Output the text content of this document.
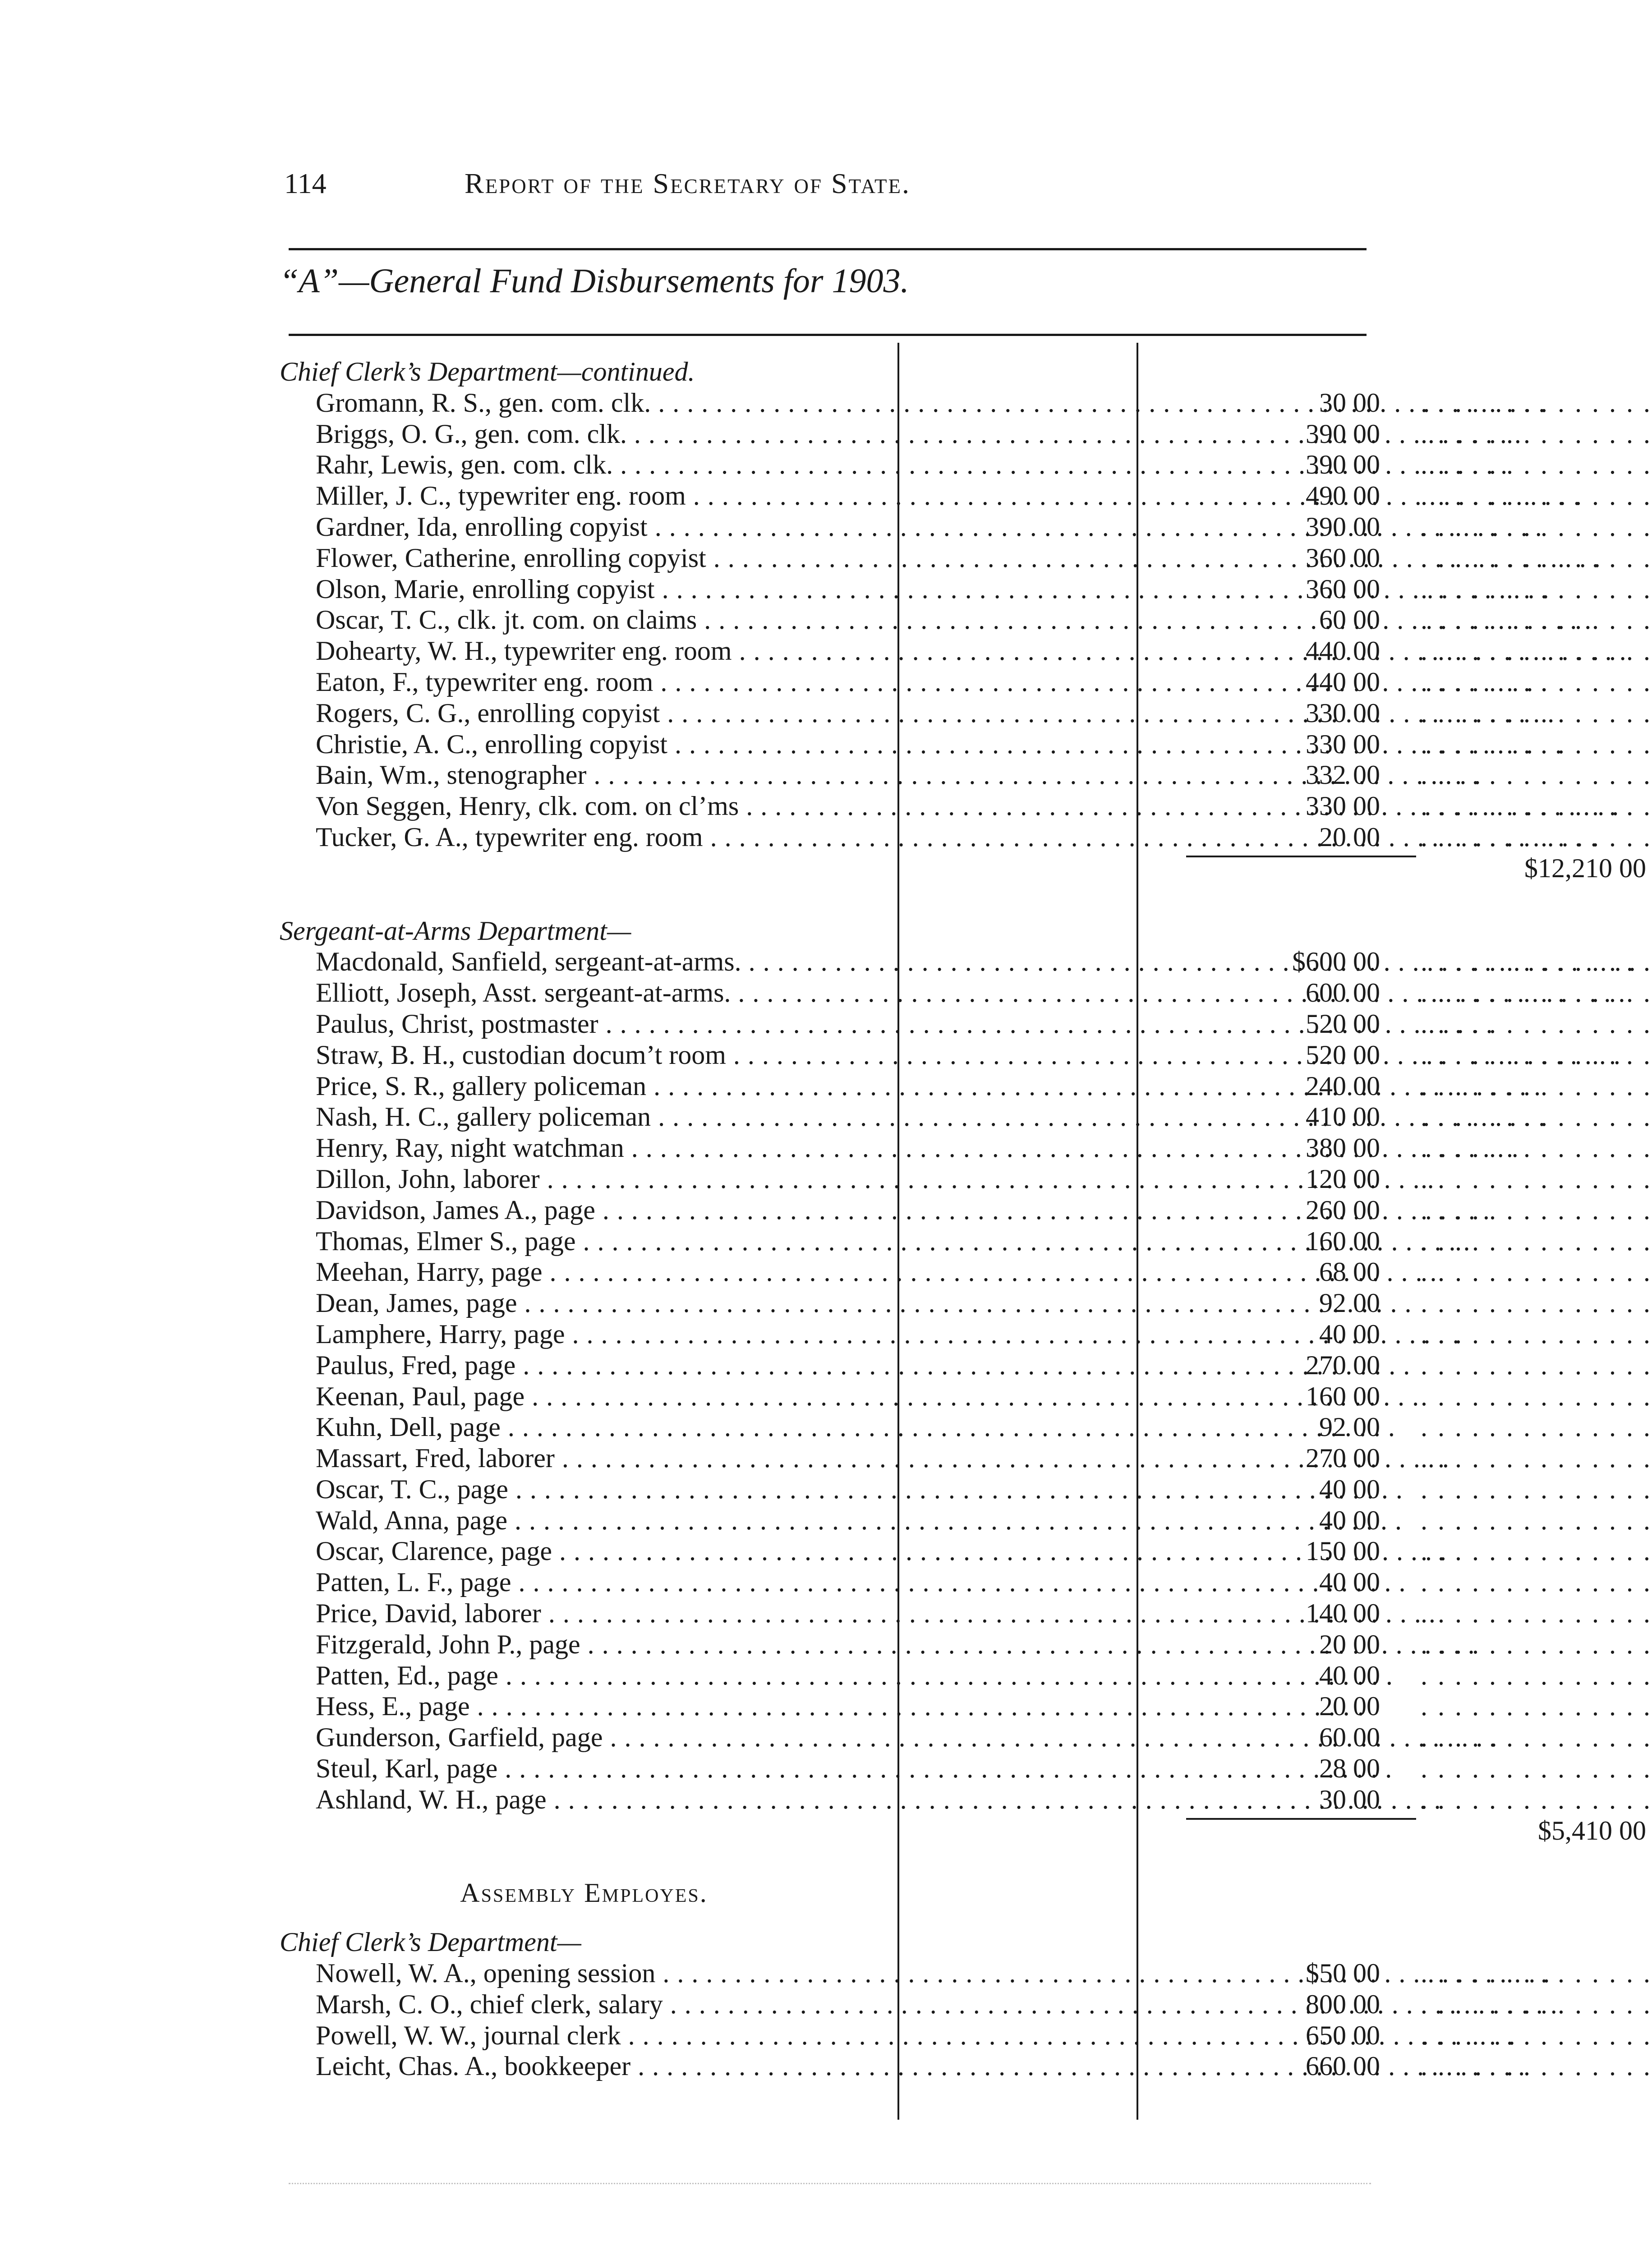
114	Report of the Secretary of State.
“A”—General Fund Disbursements for 1903.
Chief Clerk’s Department—continued.
Gromann, R. S., gen. com. clk. . . .	30 00 . . . . . . . . . . . . . .
Briggs, O. G., gen. com. clk. . . .	390 00 . . . . . . . . . . . . . .
Rahr, Lewis, gen. com. clk. . . .	390 00 . . . . . . . . . . . . . .
Miller, J. C., typewriter eng. room . . .	490 00 . . . . . . . . . . . . . .
Gardner, Ida, enrolling copyist . . .	390 00 . . . . . . . . . . . . . .
Flower, Catherine, enrolling copyist . . .	360 00 . . . . . . . . . . . . . .
Olson, Marie, enrolling copyist . . .	360 00 . . . . . . . . . . . . . .
Oscar, T. C., clk. jt. com. on claims . . .	60 00 . . . . . . . . . . . . . .
Dohearty, W. H., typewriter eng. room . . .	440 00 . . . . . . . . . . . . . .
Eaton, F., typewriter eng. room . . .	440 00 . . . . . . . . . . . . . .
Rogers, C. G., enrolling copyist . . .	330 00 . . . . . . . . . . . . . .
Christie, A. C., enrolling copyist . . .	330 00 . . . . . . . . . . . . . .
Bain, Wm., stenographer . . .	332 00 . . . . . . . . . . . . . .
Von Seggen, Henry, clk. com. on cl’ms . . .	330 00 . . . . . . . . . . . . . .
Tucker, G. A., typewriter eng. room . . .	20 00 . . . . . . . . . . . . . .
$12,210 00
Sergeant-at-Arms Department—
Macdonald, Sanfield, sergeant-at-arms. . . .	$600 00 . . . . . . . . . . . . . .
Elliott, Joseph, Asst. sergeant-at-arms. . . .	600 00 . . . . . . . . . . . . . .
Paulus, Christ, postmaster . . .	520 00 . . . . . . . . . . . . . .
Straw, B. H., custodian docum’t room . . .	520 00 . . . . . . . . . . . . . .
Price, S. R., gallery policeman . . .	240 00 . . . . . . . . . . . . . .
Nash, H. C., gallery policeman . . .	410 00 . . . . . . . . . . . . . .
Henry, Ray, night watchman . . .	380 00 . . . . . . . . . . . . . .
Dillon, John, laborer . . .	120 00 . . . . . . . . . . . . . .
Davidson, James A., page . . .	260 00 . . . . . . . . . . . . . .
Thomas, Elmer S., page . . .	160 00 . . . . . . . . . . . . . .
Meehan, Harry, page . . .	68 00 . . . . . . . . . . . . . .
Dean, James, page . . .	92 00 . . . . . . . . . . . . . .
Lamphere, Harry, page . . .	40 00 . . . . . . . . . . . . . .
Paulus, Fred, page . . .	270 00 . . . . . . . . . . . . . .
Keenan, Paul, page . . .	160 00 . . . . . . . . . . . . . .
Kuhn, Dell, page . . .	92 00 . . . . . . . . . . . . . .
Massart, Fred, laborer . . .	270 00 . . . . . . . . . . . . . .
Oscar, T. C., page . . .	40 00 . . . . . . . . . . . . . .
Wald, Anna, page . . .	40 00 . . . . . . . . . . . . . .
Oscar, Clarence, page . . .	150 00 . . . . . . . . . . . . . .
Patten, L. F., page . . .	40 00 . . . . . . . . . . . . . .
Price, David, laborer . . .	140 00 . . . . . . . . . . . . . .
Fitzgerald, John P., page . . .	20 00 . . . . . . . . . . . . . .
Patten, Ed., page . . .	40 00 . . . . . . . . . . . . . .
Hess, E., page . . .	20 00 . . . . . . . . . . . . . .
Gunderson, Garfield, page . . .	60 00 . . . . . . . . . . . . . .
Steul, Karl, page . . .	28 00 . . . . . . . . . . . . . .
Ashland, W. H., page . . .	30 00 . . . . . . . . . . . . . .
$5,410 00
Assembly Employes.
Chief Clerk’s Department—
Nowell, W. A., opening session . . .	$50 00 . . . . . . . . . . . . . .
Marsh, C. O., chief clerk, salary . . .	800 00 . . . . . . . . . . . . . .
Powell, W. W., journal clerk . . .	650 00 . . . . . . . . . . . . . .
Leicht, Chas. A., bookkeeper . . .	660 00 . . . . . . . . . . . . . .
